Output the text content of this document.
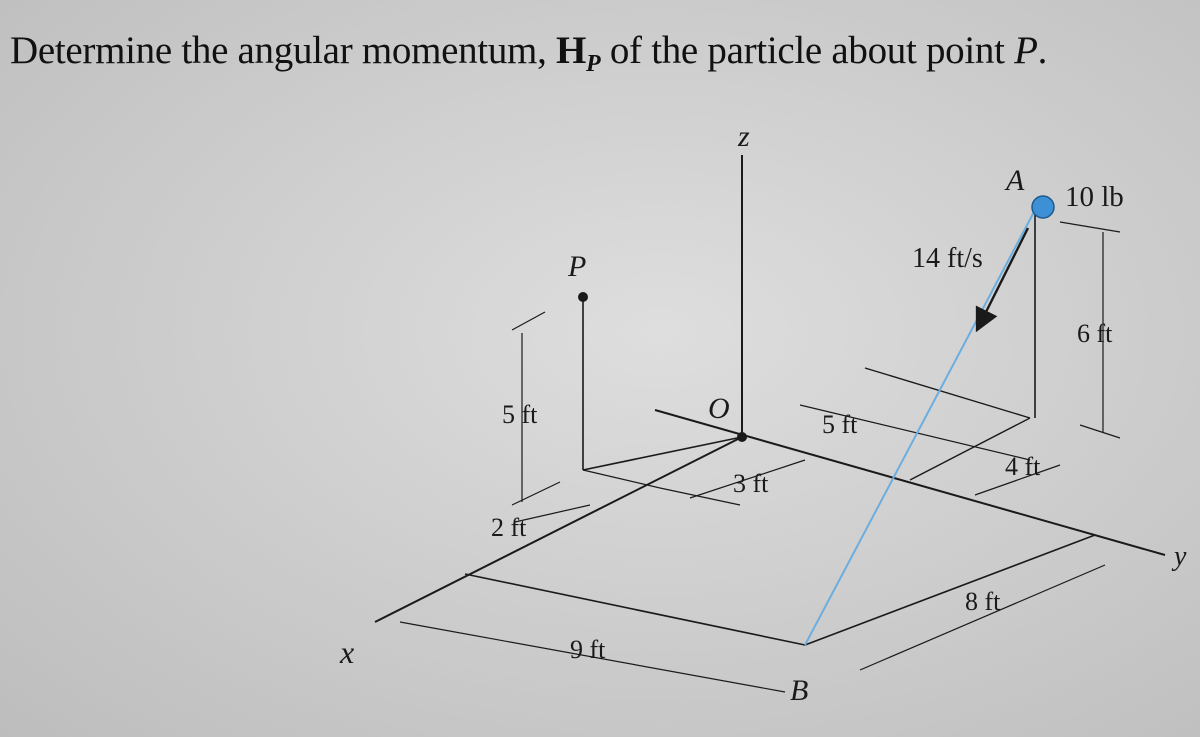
Determine the angular momentum, $H_P$ of the particle about point P.
z
x
y
O
P
A
B
10 lb
14 ft/s
5 ft
2 ft
9 ft
3 ft
5 ft
4 ft
6 ft
8 ft
